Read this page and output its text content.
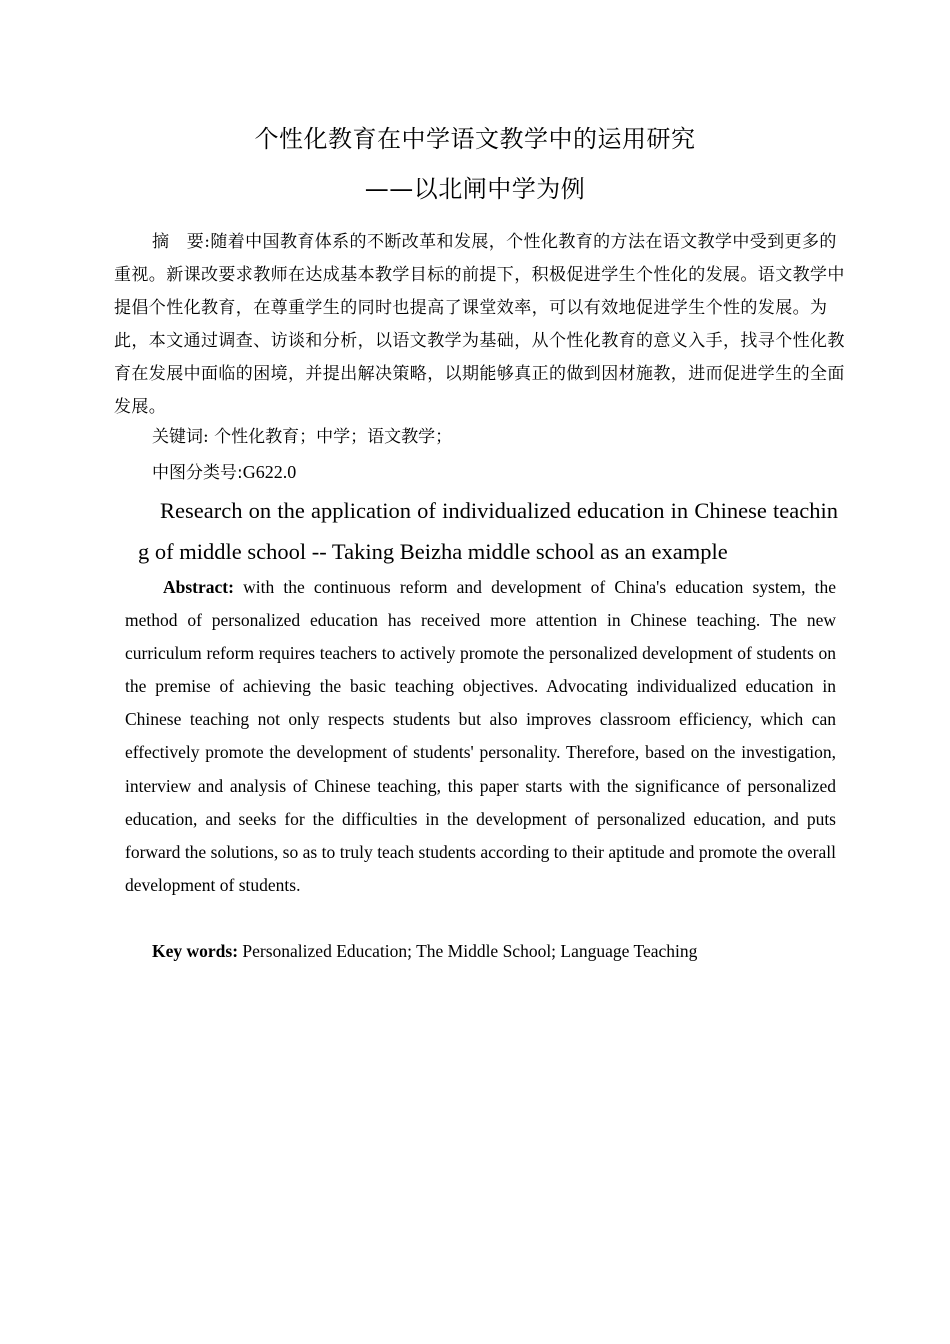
个性化教育在中学语文教学中的运用研究
——以北闸中学为例
摘　要:随着中国教育体系的不断改革和发展，个性化教育的方法在语文教学中受到更多的重视。新课改要求教师在达成基本教学目标的前提下，积极促进学生个性化的发展。语文教学中提倡个性化教育，在尊重学生的同时也提高了课堂效率，可以有效地促进学生个性的发展。为此，本文通过调查、访谈和分析，以语文教学为基础，从个性化教育的意义入手，找寻个性化教育在发展中面临的困境，并提出解决策略，以期能够真正的做到因材施教，进而促进学生的全面发展。
关键词: 个性化教育；中学；语文教学；
中图分类号:G622.0
Research on the application of individualized education in Chinese teaching of middle school -- Taking Beizha middle school as an example
Abstract: with the continuous reform and development of China's education system, the method of personalized education has received more attention in Chinese teaching. The new curriculum reform requires teachers to actively promote the personalized development of students on the premise of achieving the basic teaching objectives. Advocating individualized education in Chinese teaching not only respects students but also improves classroom efficiency, which can effectively promote the development of students' personality. Therefore, based on the investigation, interview and analysis of Chinese teaching, this paper starts with the significance of personalized education, and seeks for the difficulties in the development of personalized education, and puts forward the solutions, so as to truly teach students according to their aptitude and promote the overall development of students.
Key words: Personalized Education; The Middle School; Language Teaching
